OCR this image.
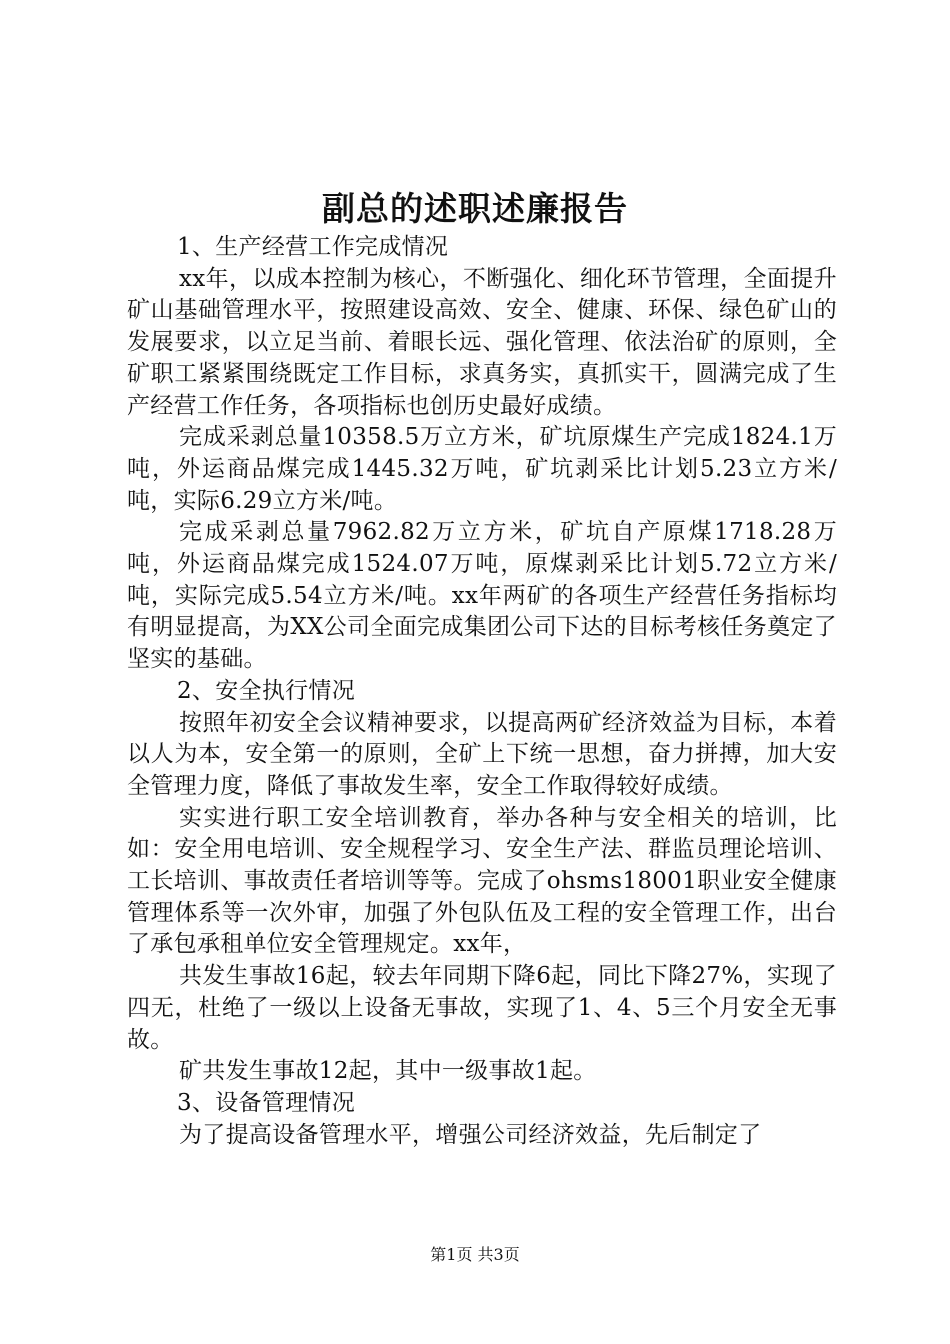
副总的述职述廉报告

1、生产经营工作完成情况

xx年，以成本控制为核心，不断强化、细化环节管理，全面提升矿山基础管理水平，按照建设高效、安全、健康、环保、绿色矿山的发展要求，以立足当前、着眼长远、强化管理、依法治矿的原则，全矿职工紧紧围绕既定工作目标，求真务实，真抓实干，圆满完成了生产经营工作任务，各项指标也创历史最好成绩。

完成采剥总量10358.5万立方米，矿坑原煤生产完成1824.1万吨，外运商品煤完成1445.32万吨，矿坑剥采比计划5.23立方米/吨，实际6.29立方米/吨。

完成采剥总量7962.82万立方米，矿坑自产原煤1718.28万吨，外运商品煤完成1524.07万吨，原煤剥采比计划5.72立方米/吨，实际完成5.54立方米/吨。xx年两矿的各项生产经营任务指标均有明显提高，为XX公司全面完成集团公司下达的目标考核任务奠定了坚实的基础。

2、安全执行情况

按照年初安全会议精神要求，以提高两矿经济效益为目标，本着以人为本，安全第一的原则，全矿上下统一思想，奋力拼搏，加大安全管理力度，降低了事故发生率，安全工作取得较好成绩。

实实进行职工安全培训教育，举办各种与安全相关的培训，比如：安全用电培训、安全规程学习、安全生产法、群监员理论培训、工长培训、事故责任者培训等等。完成了ohsms18001职业安全健康管理体系等一次外审，加强了外包队伍及工程的安全管理工作，出台了承包承租单位安全管理规定。xx年，

共发生事故16起，较去年同期下降6起，同比下降27%，实现了四无，杜绝了一级以上设备无事故，实现了1、4、5三个月安全无事故。

矿共发生事故12起，其中一级事故1起。

3、设备管理情况

为了提高设备管理水平，增强公司经济效益，先后制定了

第1页 共3页
